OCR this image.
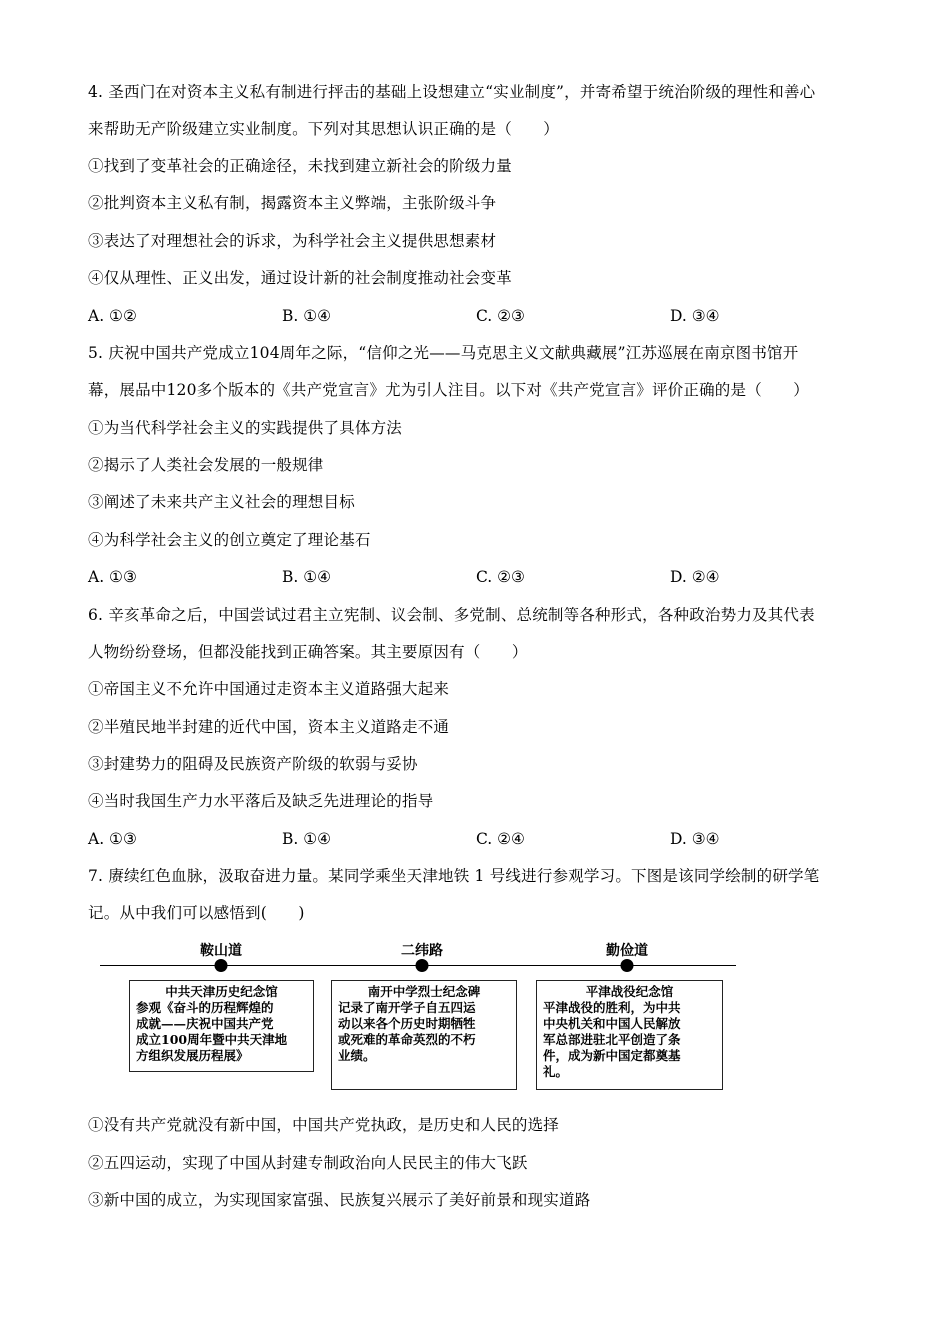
4. 圣西门在对资本主义私有制进行抨击的基础上设想建立“实业制度”，并寄希望于统治阶级的理性和善心
来帮助无产阶级建立实业制度。下列对其思想认识正确的是（　　）
①找到了变革社会的正确途径，未找到建立新社会的阶级力量
②批判资本主义私有制，揭露资本主义弊端，主张阶级斗争
③表达了对理想社会的诉求，为科学社会主义提供思想素材
④仅从理性、正义出发，通过设计新的社会制度推动社会变革
A. ①②	B. ①④	C. ②③	D. ③④
5. 庆祝中国共产党成立104周年之际，“信仰之光——马克思主义文献典藏展”江苏巡展在南京图书馆开
幕，展品中120多个版本的《共产党宣言》尤为引人注目。以下对《共产党宣言》评价正确的是（　　）
①为当代科学社会主义的实践提供了具体方法
②揭示了人类社会发展的一般规律
③阐述了未来共产主义社会的理想目标
④为科学社会主义的创立奠定了理论基石
A. ①③	B. ①④	C. ②③	D. ②④
6. 辛亥革命之后，中国尝试过君主立宪制、议会制、多党制、总统制等各种形式，各种政治势力及其代表
人物纷纷登场，但都没能找到正确答案。其主要原因有（　　）
①帝国主义不允许中国通过走资本主义道路强大起来
②半殖民地半封建的近代中国，资本主义道路走不通
③封建势力的阻碍及民族资产阶级的软弱与妥协
④当时我国生产力水平落后及缺乏先进理论的指导
A. ①③	B. ①④	C. ②④	D. ③④
7. 赓续红色血脉，汲取奋进力量。某同学乘坐天津地铁 1 号线进行参观学习。下图是该同学绘制的研学笔
记。从中我们可以感悟到(　　)
鞍山道	二纬路	勤俭道
中共天津历史纪念馆
参观《奋斗的历程辉煌的
成就——庆祝中国共产党
成立100周年暨中共天津地
方组织发展历程展》
南开中学烈士纪念碑
记录了南开学子自五四运
动以来各个历史时期牺牲
或死难的革命英烈的不朽
业绩。
平津战役纪念馆
平津战役的胜利，为中共
中央机关和中国人民解放
军总部进驻北平创造了条
件，成为新中国定都奠基
礼。
①没有共产党就没有新中国，中国共产党执政，是历史和人民的选择
②五四运动，实现了中国从封建专制政治向人民民主的伟大飞跃
③新中国的成立，为实现国家富强、民族复兴展示了美好前景和现实道路
